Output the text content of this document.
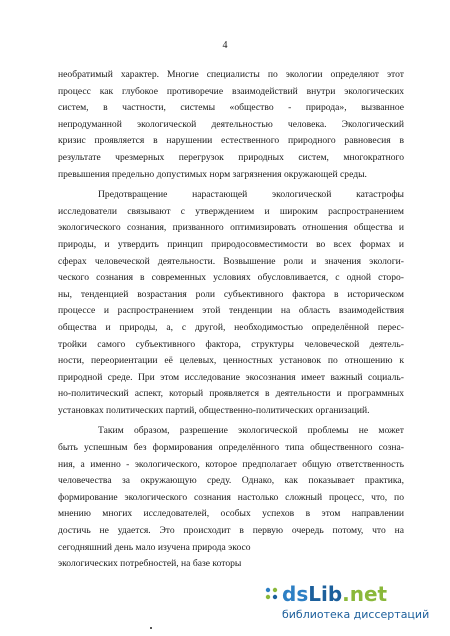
4

необратимый характер. Многие специалисты по экологии определяют этот
процесс как глубокое противоречие взаимодействий внутри экологических
систем, в частности, системы «общество - природа», вызванное
непродуманной экологической деятельностью человека. Экологический
кризис проявляется в нарушении естественного природного равновесия в
результате чрезмерных перегрузок природных систем, многократного
превышения предельно допустимых норм загрязнения окружающей среды.

Предотвращение нарастающей экологической катастрофы
исследователи связывают с утверждением и широким распространением
экологического сознания, призванного оптимизировать отношения общества и
природы, и утвердить принцип природосовместимости во всех формах и
сферах человеческой деятельности. Возвышение роли и значения экологи-
ческого сознания в современных условиях обусловливается, с одной сторо-
ны, тенденцией возрастания роли субъективного фактора в историческом
процессе и распространением этой тенденции на область взаимодействия
общества и природы, а, с другой, необходимостью определённой перес-
тройки самого субъективного фактора, структуры человеческой деятель-
ности, переориентации её целевых, ценностных установок по отношению к
природной среде. При этом исследование экосознания имеет важный социаль-
но-политический аспект, который проявляется в деятельности и программных
установках политических партий, общественно-политических организаций.

Таким образом, разрешение экологической проблемы не может
быть успешным без формирования определённого типа общественного созна-
ния, а именно - экологического, которое предполагает общую ответственность
человечества за окружающую среду. Однако, как показывает практика,
формирование экологического сознания настолько сложный процесс, что, по
мнению многих исследователей, особых успехов в этом направлении
достичь не удается. Это происходит в первую очередь потому, что на
сегодняшний день мало изучена природа экосо
экологических потребностей, на базе которы

ds Lib .net
библиотека диссертаций
